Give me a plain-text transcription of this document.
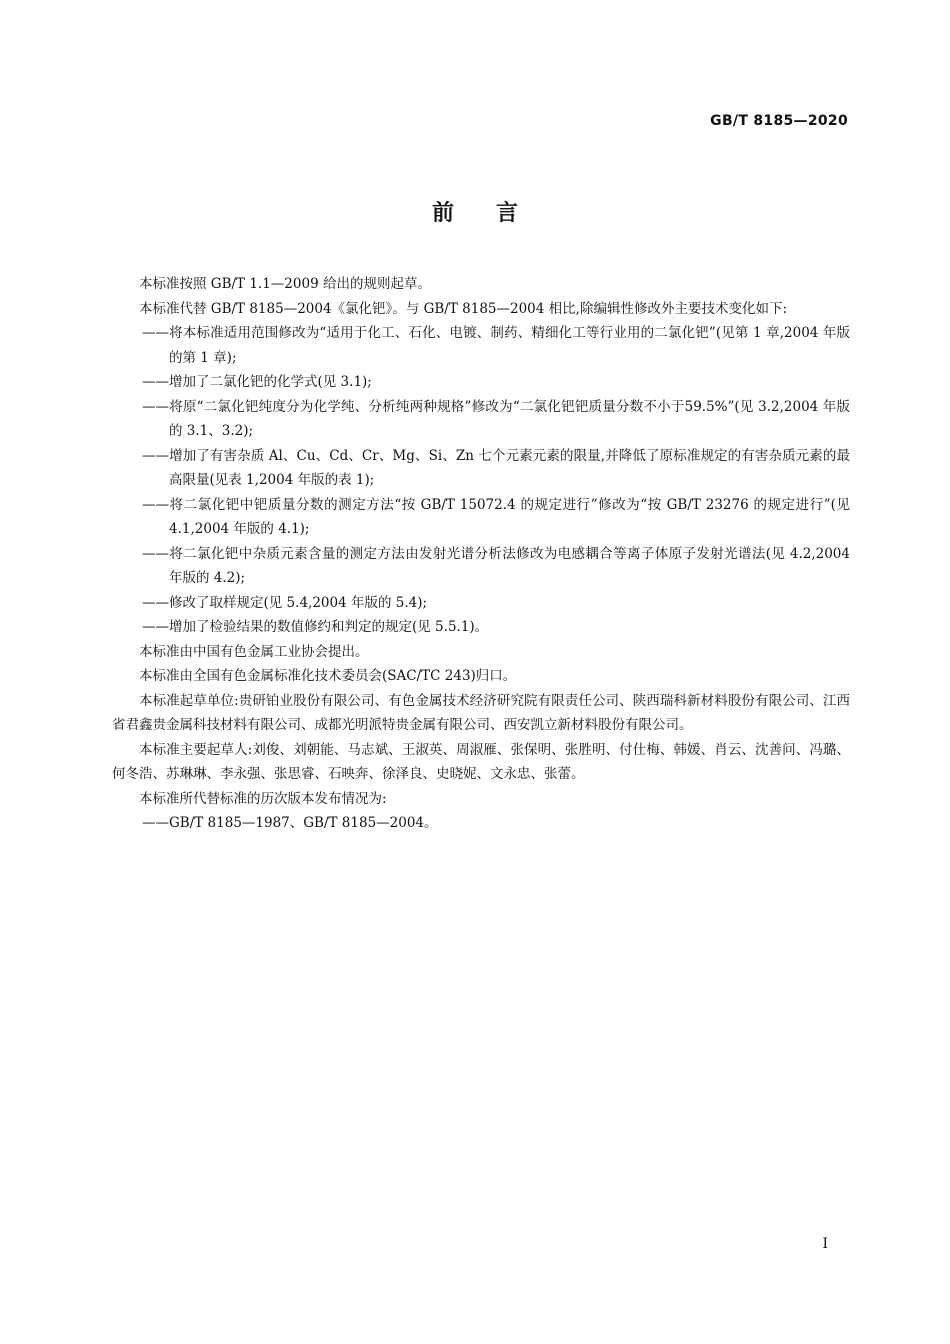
GB/T 8185—2020
前言

本标准按照 GB/T 1.1—2009 给出的规则起草。

本标准代替 GB/T 8185—2004《氯化钯》。与 GB/T 8185—2004 相比,除编辑性修改外主要技术变化如下:

——将本标准适用范围修改为“适用于化工、石化、电镀、制药、精细化工等行业用的二氯化钯”(见第 1 章,2004 年版的第 1 章);

——增加了二氯化钯的化学式(见 3.1);

——将原“二氯化钯纯度分为化学纯、分析纯两种规格”修改为“二氯化钯钯质量分数不小于59.5%”(见 3.2,2004 年版的 3.1、3.2);

——增加了有害杂质 Al、Cu、Cd、Cr、Mg、Si、Zn 七个元素元素的限量,并降低了原标准规定的有害杂质元素的最高限量(见表 1,2004 年版的表 1);

——将二氯化钯中钯质量分数的测定方法“按 GB/T 15072.4 的规定进行”修改为“按 GB/T 23276 的规定进行”(见 4.1,2004 年版的 4.1);

——将二氯化钯中杂质元素含量的测定方法由发射光谱分析法修改为电感耦合等离子体原子发射光谱法(见 4.2,2004 年版的 4.2);

——修改了取样规定(见 5.4,2004 年版的 5.4);

——增加了检验结果的数值修约和判定的规定(见 5.5.1)。

本标准由中国有色金属工业协会提出。

本标准由全国有色金属标准化技术委员会(SAC/TC 243)归口。

本标准起草单位:贵研铂业股份有限公司、有色金属技术经济研究院有限责任公司、陕西瑞科新材料股份有限公司、江西省君鑫贵金属科技材料有限公司、成都光明派特贵金属有限公司、西安凯立新材料股份有限公司。

本标准主要起草人:刘俊、刘朝能、马志斌、王淑英、周淑雁、张保明、张胜明、付仕梅、韩媛、肖云、沈善问、冯璐、何冬浩、苏琳琳、李永强、张思睿、石映奔、徐泽良、史晓妮、文永忠、张蕾。

本标准所代替标准的历次版本发布情况为:

——GB/T 8185—1987、GB/T 8185—2004。

I
